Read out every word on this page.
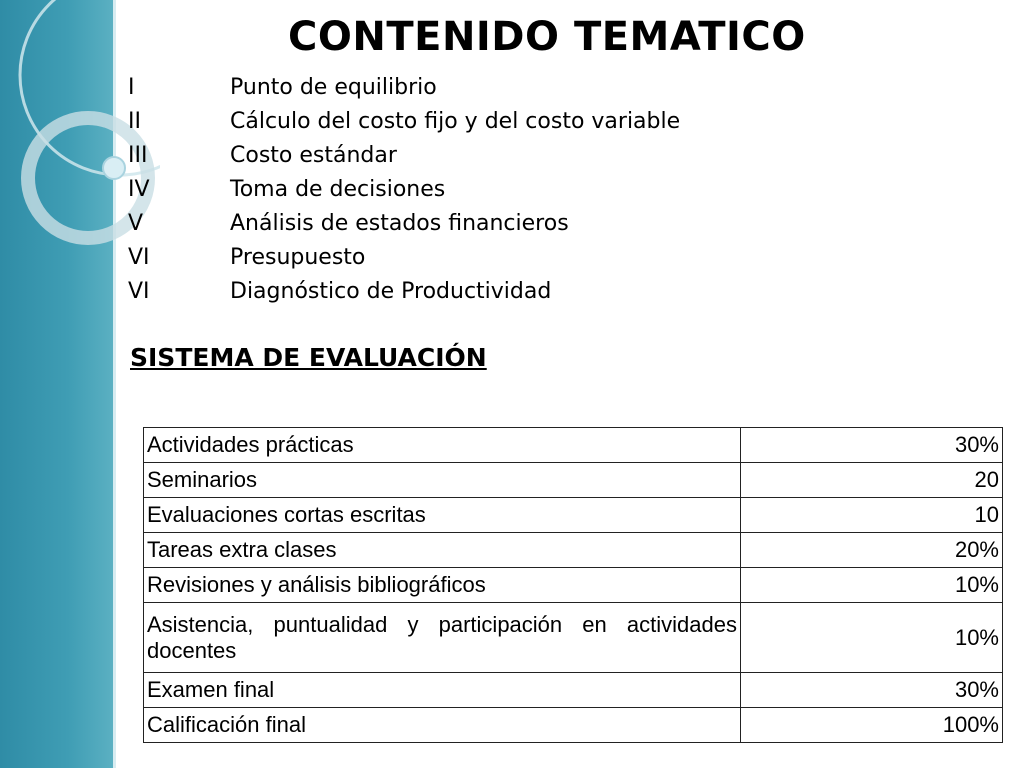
CONTENIDO TEMATICO
I	Punto de equilibrio
II	Cálculo del costo fijo y del costo variable
III	Costo estándar
IV	Toma de decisiones
V	Análisis de estados financieros
VI	Presupuesto
VI	Diagnóstico de Productividad
SISTEMA DE EVALUACIÓN
Actividades prácticas	30%
Seminarios	20
Evaluaciones cortas escritas	10
Tareas extra clases	20%
Revisiones y análisis bibliográficos	10%
Asistencia, puntualidad y participación en actividades docentes	10%
Examen final	30%
Calificación final	100%
